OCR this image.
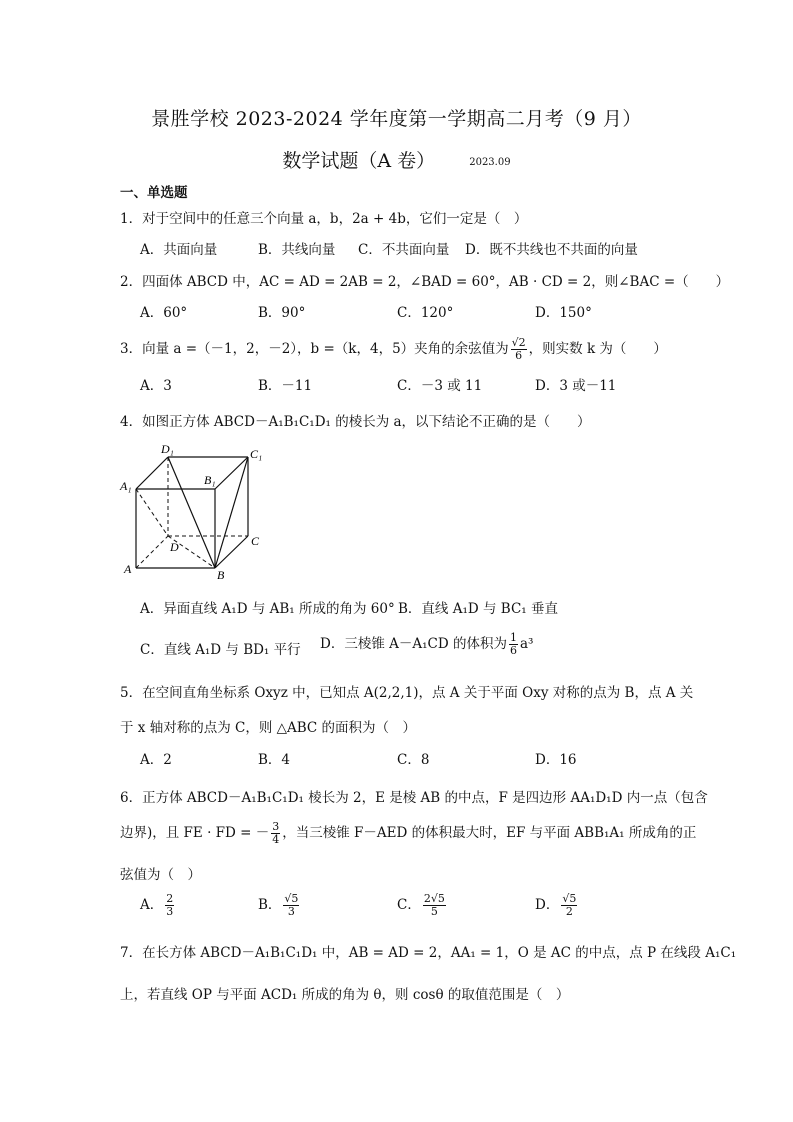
景胜学校 2023-2024 学年度第一学期高二月考（9 月）
数学试题（A 卷）	2023.09
一、单选题
1．对于空间中的任意三个向量 a，b，2a + 4b，它们一定是（　）
A．共面向量	B．共线向量 C．不共面向量 D．既不共线也不共面的向量
2．四面体 ABCD 中，AC = AD = 2AB = 2，∠BAD = 60°，AB · CD = 2，则∠BAC =（　　）
A．60°	B．90°	C．120°	D．150°
3．向量 a =（－1，2，－2），b =（k，4，5）夹角的余弦值为 $\frac{√2}{6}$ ，则实数 k 为（　　）
A．3	B．－11	C．－3 或 11	D．3 或－11
4．如图正方体 ABCD－A₁B₁C₁D₁ 的棱长为 a，以下结论不正确的是（　　）
D₁	C₁
A₁	B₁
D	C
A	B
A．异面直线 A₁D 与 AB₁ 所成的角为 60° B．直线 A₁D 与 BC₁ 垂直
C．直线 A₁D 与 BD₁ 平行 D．三棱锥 A－A₁CD 的体积为 $\frac{1}{6} a^3$
5．在空间直角坐标系 Oxyz 中，已知点 A(2,2,1)，点 A 关于平面 Oxy 对称的点为 B，点 A 关
于 x 轴对称的点为 C，则 △ABC 的面积为（　）
A．2	B．4	C．8	D．16
6．正方体 ABCD－A₁B₁C₁D₁ 棱长为 2，E 是棱 AB 的中点，F 是四边形 AA₁D₁D 内一点（包含
边界)，且 FE · FD = － $\frac{3}{4}$ ，当三棱锥 F－AED 的体积最大时，EF 与平面 ABB₁A₁ 所成角的正
弦值为（　）
A． $\frac{2}{3}$	B． $\frac{√5}{3}$	C． $\frac{2√5}{5}$	D． $\frac{√5}{2}$
7．在长方体 ABCD－A₁B₁C₁D₁ 中，AB = AD = 2，AA₁ = 1，O 是 AC 的中点，点 P 在线段 A₁C₁
上，若直线 OP 与平面 ACD₁ 所成的角为 θ，则 cosθ 的取值范围是（　）
